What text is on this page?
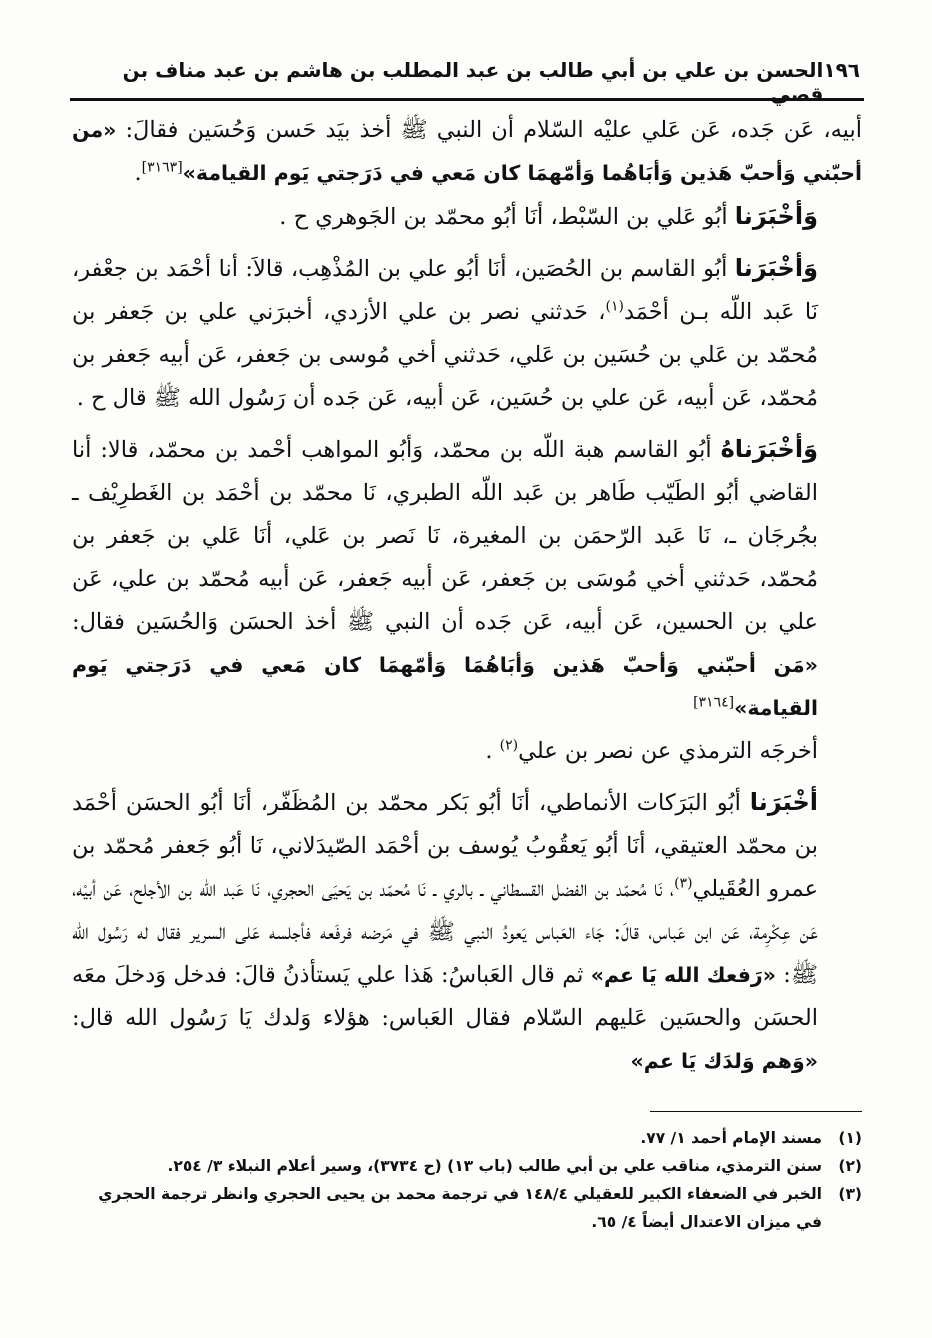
١٩٦
الحسن بن علي بن أبي طالب بن عبد المطلب بن هاشم بن عبد مناف بن قصي

أبيه، عَن جَده، عَن عَلي عليْه السّلام أن النبي ﷺ أخذ بيَد حَسن وَحُسَين فقالَ: «من أحبّني وَأحبّ هَذين وَأبَاهُما وَأمّهمَا كان مَعي في دَرَجتي يَوم القيامة»[٣١٦٣].

وَأخْبَرَنا أبُو عَلي بن السّبْط، أنَا أبُو محمّد بن الجَوهري ح .

وَأخْبَرَنا أبُو القاسم بن الحُصَين، أنَا أبُو علي بن المُذْهِب، قالاَ: أنا أحْمَد بن جعْفر، نَا عَبد اللّه بـن أحْمَد$^{(١)}$، حَدثني نصر بن علي الأزدي، أخبرَني علي بن جَعفر بن مُحمّد بن عَلي بن حُسَين بن عَلي، حَدثني أخي مُوسى بن جَعفر، عَن أبيه جَعفر بن مُحمّد، عَن أبيه، عَن علي بن حُسَين، عَن أبيه، عَن جَده أن رَسُول الله ﷺ قال ح .

وَأخْبَرَناهُ أبُو القاسم هبة اللّه بن محمّد، وَأبُو المواهب أحْمد بن محمّد، قالا: أنا القاضي أبُو الطَيّب طَاهر بن عَبد اللّه الطبري، نَا محمّد بن أحْمَد بن الغَطرِيْف ـ بجُرجَان ـ، نَا عَبد الرّحمَن بن المغيرة، نَا نَصر بن عَلي، أنَا عَلي بن جَعفر بن مُحمّد، حَدثني أخي مُوسَى بن جَعفر، عَن أبيه جَعفر، عَن أبيه مُحمّد بن علي، عَن علي بن الحسين، عَن أبيه، عَن جَده أن النبي ﷺ أخذ الحسَن وَالحُسَين فقال: «مَن أحبّني وَأحبّ هَذين وَأبَاهُمَا وَأمّهمَا كان مَعي في دَرَجتي يَوم القيامة»[٣١٦٤]

أخرجَه الترمذي عن نصر بن علي$^{(٢)}$ .

أخْبَرَنا أبُو البَرَكات الأنماطي، أنَا أبُو بَكر محمّد بن المُظَفّر، أنَا أبُو الحسَن أحْمَد بن محمّد العتيقي، أنَا أبُو يَعقُوبُ يُوسف بن أحْمَد الصّيدَلاني، نَا أبُو جَعفر مُحمّد بن عمرو العُقَيلي$^{(٣)}$، نَا مُحمّد بن الفضل القسطاني ـ بالري ـ نَا مُحمّد بن يَحيَى الحجري، نَا عَبد اللّه بن الأجلح، عَن أبيْه، عَن عِكْرِمة، عَن ابن عَباس، قالَ: جَاء العَباس يَعودُ النبي ﷺ في مَرضه فرفَعه فأجلسه عَلى السرير فقال له رَسُول الله ﷺ: «رَفعك الله يَا عم» ثم قال العَباسُ: هَذا علي يَستأذنُ قالَ: فدخل وَدخلَ معَه الحسَن والحسَين عَليهم السّلام فقال العَباس: هؤلاء وَلدك يَا رَسُول الله قال: «وَهم وَلدَك يَا عم»

(١)
مسند الإمام أحمد ١/ ٧٧.

(٢)
سنن الترمذي، مناقب علي بن أبي طالب (باب ١٣) (ح ٣٧٣٤)، وسير أعلام النبلاء ٣/ ٢٥٤.

(٣)
الخبر في الضعفاء الكبير للعقيلي ١٤٨/٤ في ترجمة محمد بن يحيى الحجري وانظر ترجمة الحجري في ميزان الاعتدال أيضاً ٤/ ٦٥.
